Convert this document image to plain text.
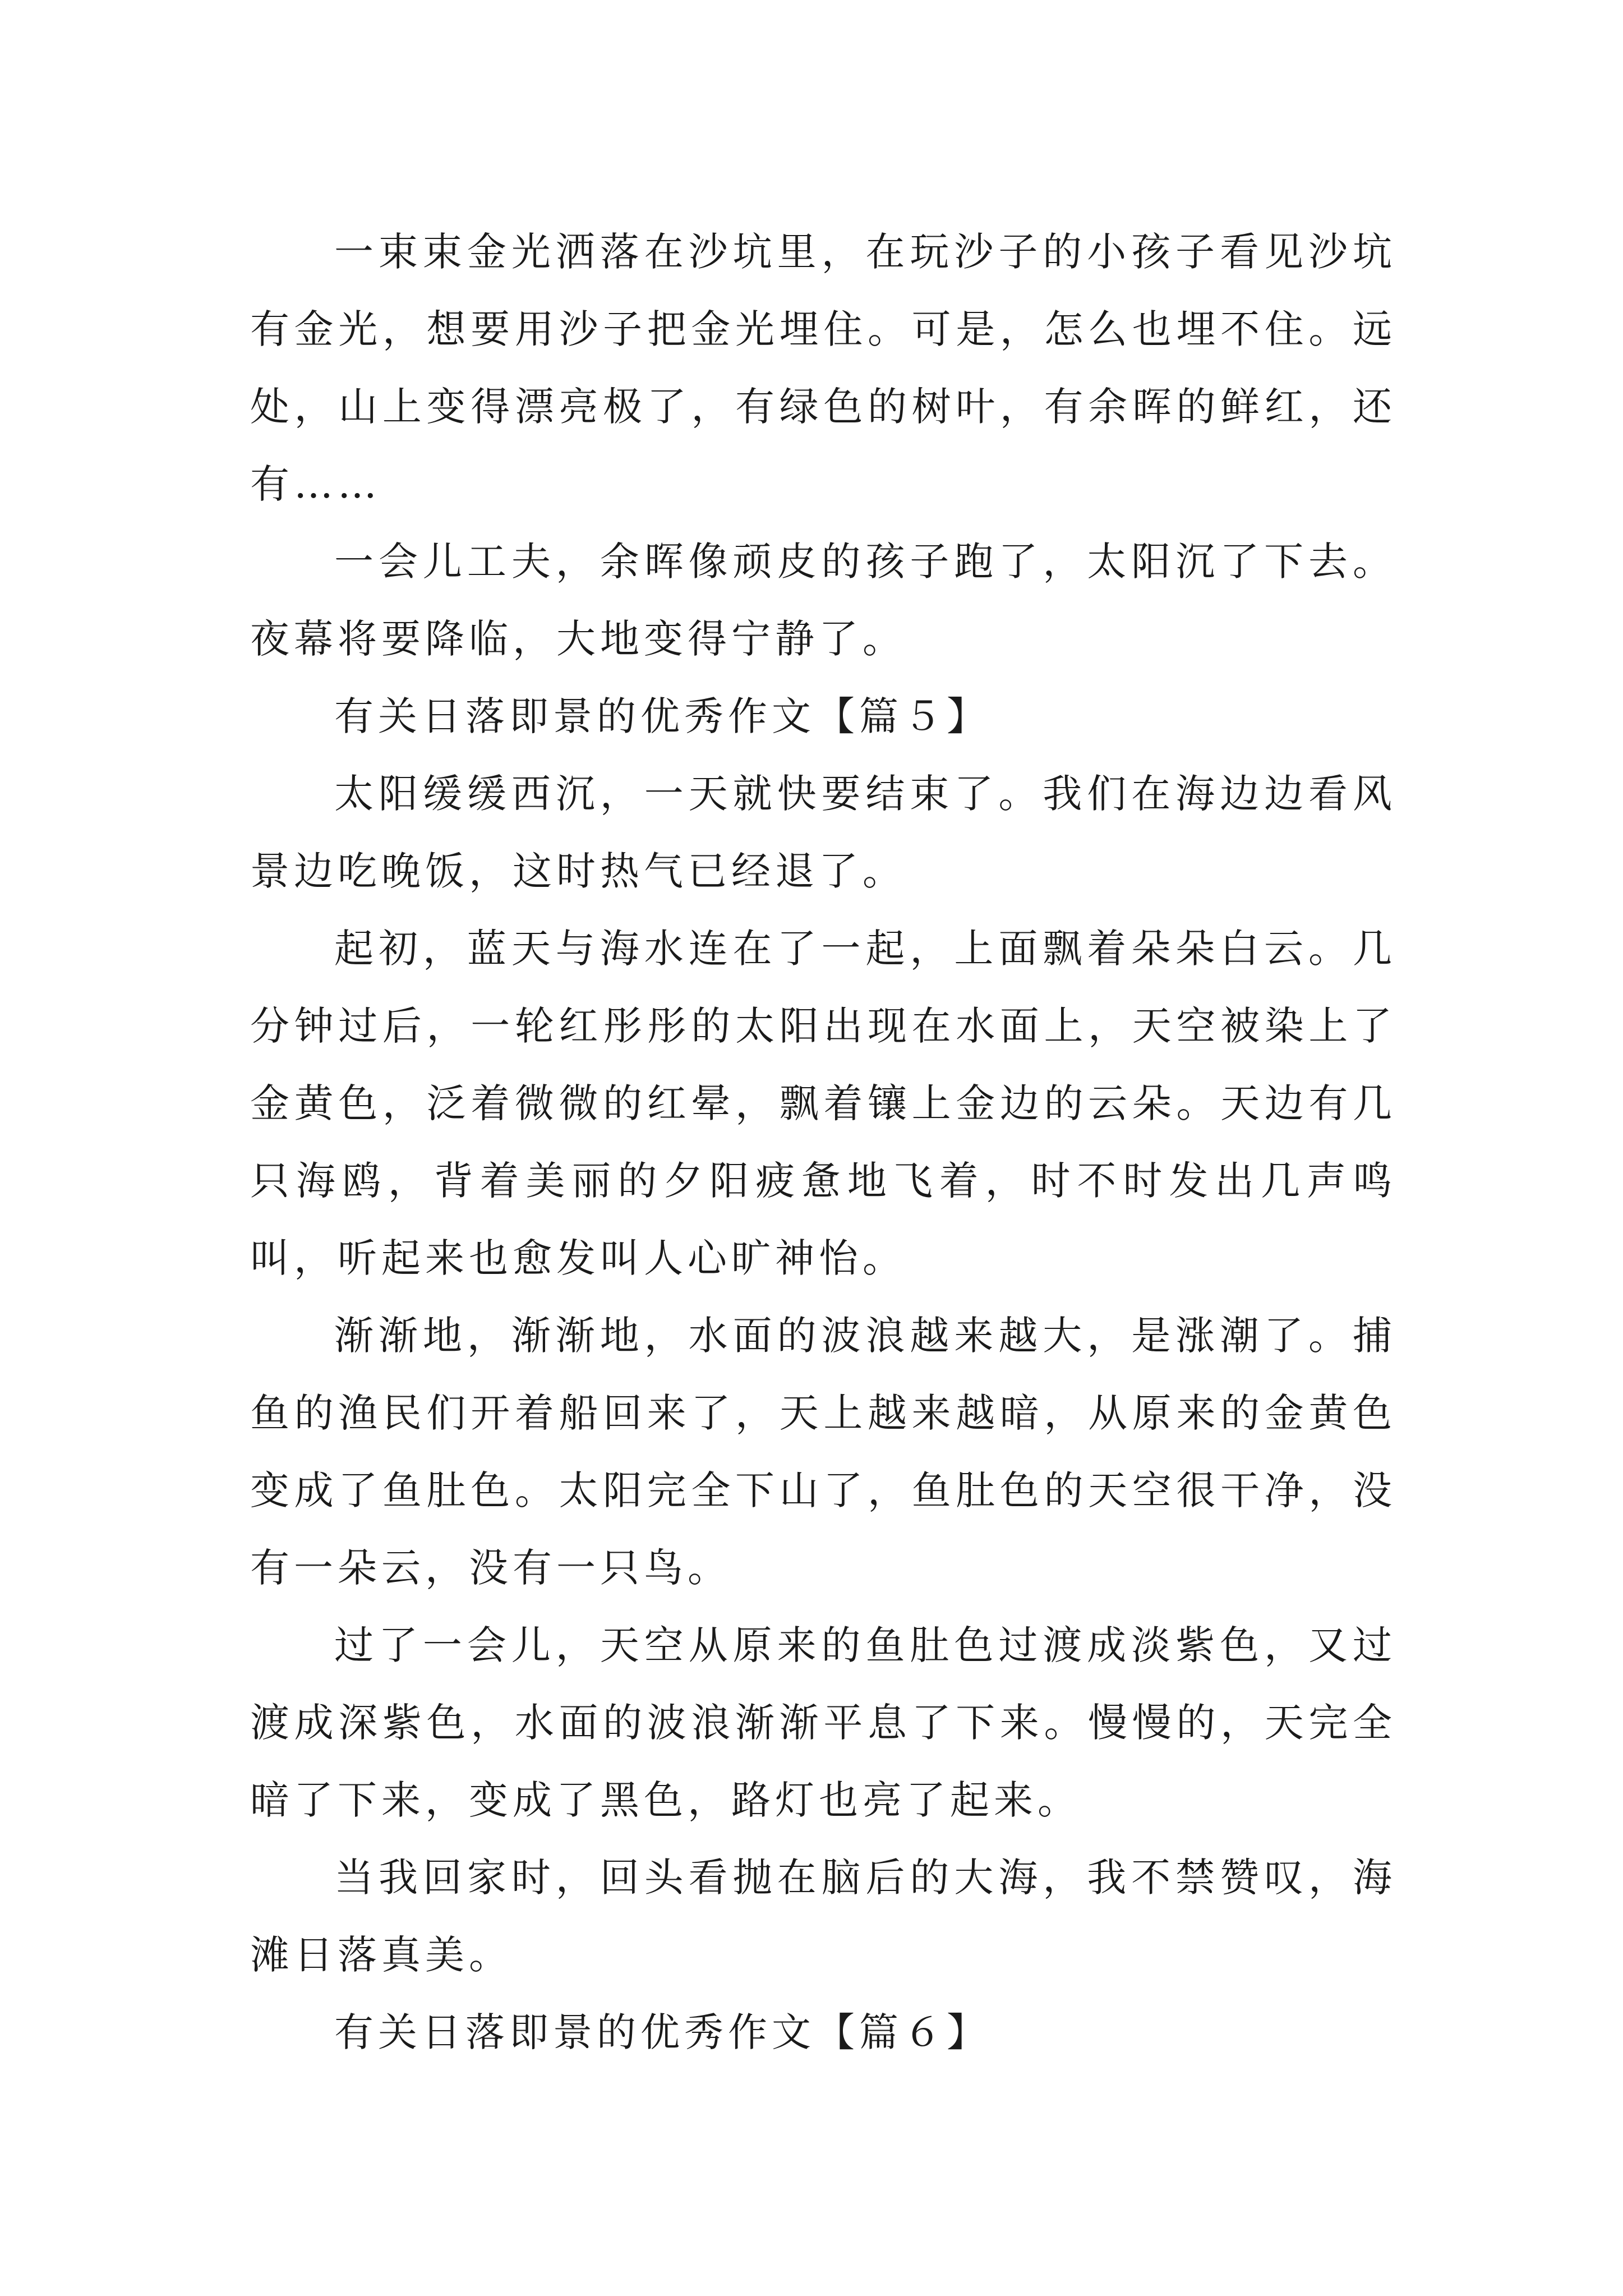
一束束金光洒落在沙坑里，在玩沙子的小孩子看见沙坑有金光，想要用沙子把金光埋住。可是，怎么也埋不住。远处，山上变得漂亮极了，有绿色的树叶，有余晖的鲜红，还有……

一会儿工夫，余晖像顽皮的孩子跑了，太阳沉了下去。夜幕将要降临，大地变得宁静了。

有关日落即景的优秀作文【篇５】

太阳缓缓西沉，一天就快要结束了。我们在海边边看风景边吃晚饭，这时热气已经退了。

起初，蓝天与海水连在了一起，上面飘着朵朵白云。几分钟过后，一轮红彤彤的太阳出现在水面上，天空被染上了金黄色，泛着微微的红晕，飘着镶上金边的云朵。天边有几只海鸥，背着美丽的夕阳疲惫地飞着，时不时发出几声鸣叫，听起来也愈发叫人心旷神怡。

渐渐地，渐渐地，水面的波浪越来越大，是涨潮了。捕鱼的渔民们开着船回来了，天上越来越暗，从原来的金黄色变成了鱼肚色。太阳完全下山了，鱼肚色的天空很干净，没有一朵云，没有一只鸟。

过了一会儿，天空从原来的鱼肚色过渡成淡紫色，又过渡成深紫色，水面的波浪渐渐平息了下来。慢慢的，天完全暗了下来，变成了黑色，路灯也亮了起来。

当我回家时，回头看抛在脑后的大海，我不禁赞叹，海滩日落真美。

有关日落即景的优秀作文【篇６】
